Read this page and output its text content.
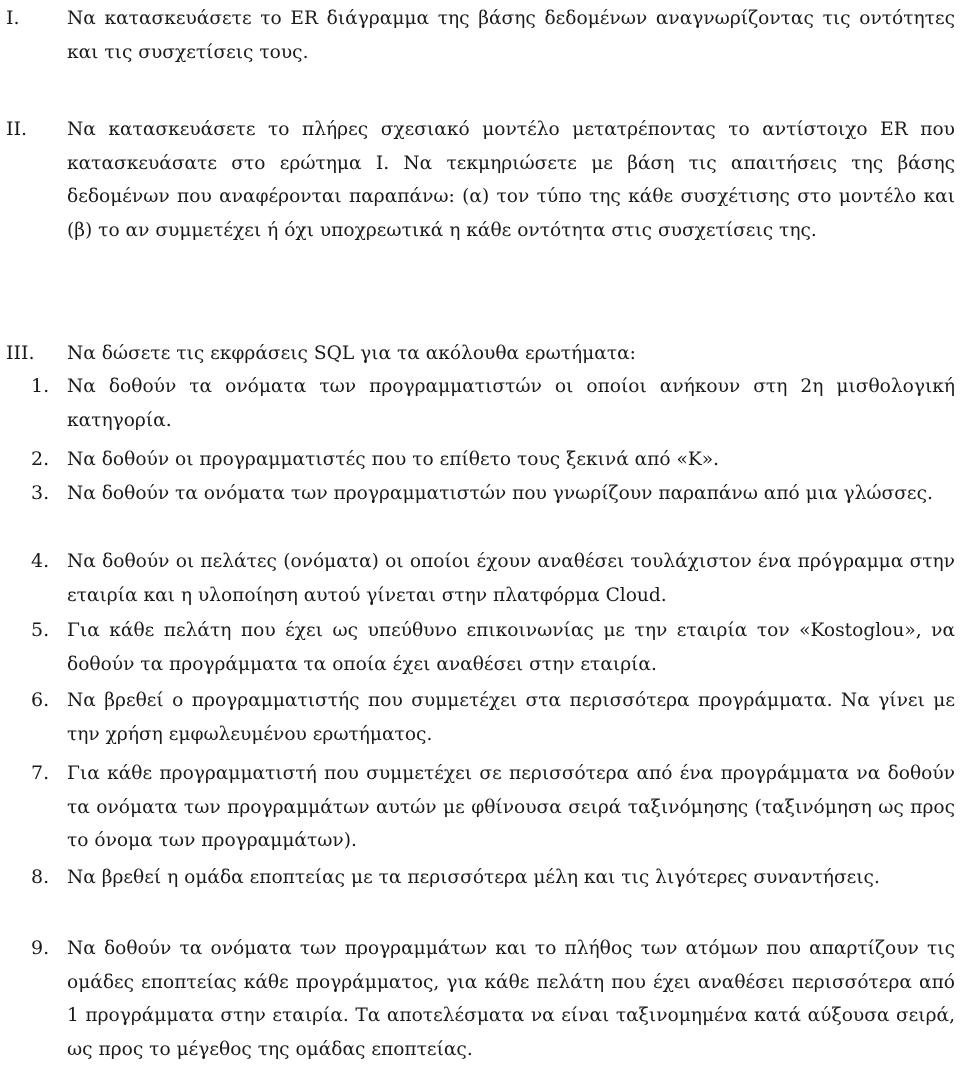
I.	Να κατασκευάσετε το ER διάγραμμα της βάσης δεδομένων αναγνωρίζοντας τις οντότητες και τις συσχετίσεις τους.
II. Να κατασκευάσετε το πλήρες σχεσιακό μοντέλο μετατρέποντας το αντίστοιχο ER που κατασκευάσατε στο ερώτημα Ι. Να τεκμηριώσετε με βάση τις απαιτήσεις της βάσης δεδομένων που αναφέρονται παραπάνω: (α) τον τύπο της κάθε συσχέτισης στο μοντέλο και (β) το αν συμμετέχει ή όχι υποχρεωτικά η κάθε οντότητα στις συσχετίσεις της.
III. Να δώσετε τις εκφράσεις SQL για τα ακόλουθα ερωτήματα:
1. Να δοθούν τα ονόματα των προγραμματιστών οι οποίοι ανήκουν στη 2η μισθολογική κατηγορία.
2. Να δοθούν οι προγραμματιστές που το επίθετο τους ξεκινά από «Κ».
3. Να δοθούν τα ονόματα των προγραμματιστών που γνωρίζουν παραπάνω από μια γλώσσες.
4. Να δοθούν οι πελάτες (ονόματα) οι οποίοι έχουν αναθέσει τουλάχιστον ένα πρόγραμμα στην εταιρία και η υλοποίηση αυτού γίνεται στην πλατφόρμα Cloud.
5. Για κάθε πελάτη που έχει ως υπεύθυνο επικοινωνίας με την εταιρία τον «Kostoglou», να δοθούν τα προγράμματα τα οποία έχει αναθέσει στην εταιρία.
6. Να βρεθεί ο προγραμματιστής που συμμετέχει στα περισσότερα προγράμματα. Να γίνει με την χρήση εμφωλευμένου ερωτήματος.
7. Για κάθε προγραμματιστή που συμμετέχει σε περισσότερα από ένα προγράμματα να δοθούν τα ονόματα των προγραμμάτων αυτών με φθίνουσα σειρά ταξινόμησης (ταξινόμηση ως προς το όνομα των προγραμμάτων).
8. Να βρεθεί η ομάδα εποπτείας με τα περισσότερα μέλη και τις λιγότερες συναντήσεις.
9. Να δοθούν τα ονόματα των προγραμμάτων και το πλήθος των ατόμων που απαρτίζουν τις ομάδες εποπτείας κάθε προγράμματος, για κάθε πελάτη που έχει αναθέσει περισσότερα από 1 προγράμματα στην εταιρία. Τα αποτελέσματα να είναι ταξινομημένα κατά αύξουσα σειρά, ως προς το μέγεθος της ομάδας εποπτείας.
